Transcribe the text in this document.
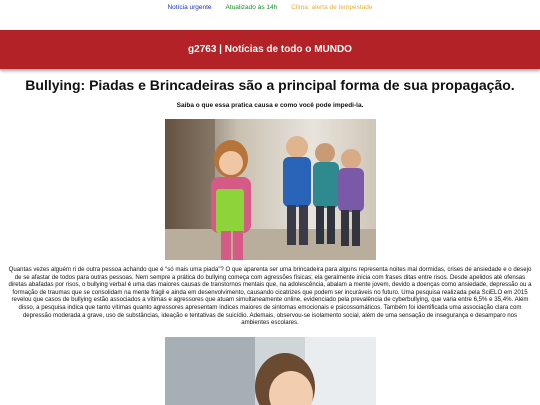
Notícia urgente Atualizado às 14h Clima: alerta de tempestade
g2763 | Notícias de todo o MUNDO
Bullying: Piadas e Brincadeiras são a principal forma de sua propagação.

Saiba o que essa pratica causa e como você pode impedi-la.

Quantas vezes alguém ri de outra pessoa achando que é “só mais uma piada”? O que aparenta ser uma brincadeira para alguns representa noites mal dormidas, crises de ansiedade e o desejo de se afastar de todos para outras pessoas. Nem sempre a prática do bullying começa com agressões físicas; ela geralmente inicia com frases ditas entre risos. Desde apelidos até ofensas diretas abafadas por risos, o bullying verbal é uma das maiores causas de transtornos mentais que, na adolescência, abalam a mente jovem, devido a doenças como ansiedade, depressão ou a formação de traumas que se consolidam na mente frágil e ainda em desenvolvimento, causando cicatrizes que podem ser incuráveis no futuro. Uma pesquisa realizada pela SciELO em 2015 revelou que casos de bullying estão associados a vítimas e agressores que atuam simultaneamente online, evidenciado pela prevalência de cyberbullying, que varia entre 6,5% e 35,4%. Além disso, a pesquisa indica que tanto vítimas quanto agressores apresentam índices maiores de sintomas emocionais e psicossomáticos. Também foi identificada uma associação clara com depressão moderada a grave, uso de substâncias, ideação e tentativas de suicídio. Ademais, observou-se isolamento social, além de uma sensação de insegurança e desamparo nos ambientes escolares.
